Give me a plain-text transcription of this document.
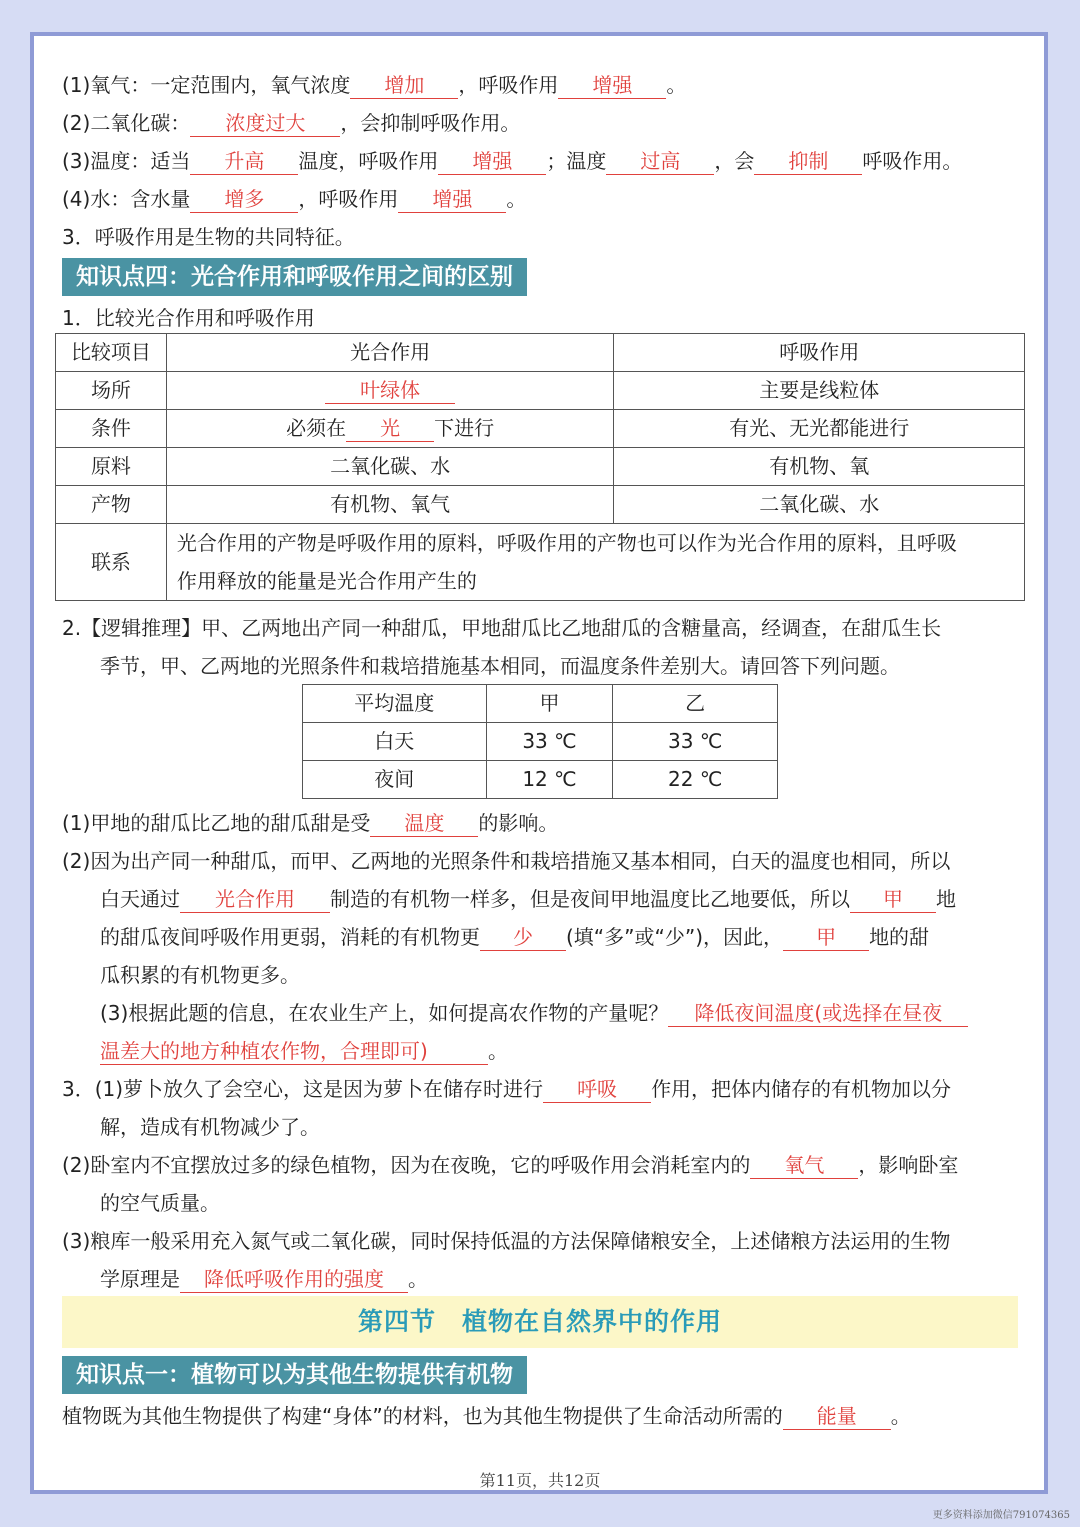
(1)氧气：一定范围内，氧气浓度 增加 ，呼吸作用 增强 。
(2)二氧化碳： 浓度过大 ，会抑制呼吸作用。
(3)温度：适当 升高 温度，呼吸作用 增强 ；温度 过高 ，会 抑制 呼吸作用。
(4)水：含水量 增多 ，呼吸作用 增强 。
3．呼吸作用是生物的共同特征。
知识点四：光合作用和呼吸作用之间的区别
1．比较光合作用和呼吸作用
比较项目	光合作用	呼吸作用
场所	叶绿体	主要是线粒体
条件	必须在 光 下进行	有光、无光都能进行
原料	二氧化碳、水	有机物、氧
产物	有机物、氧气	二氧化碳、水
联系	光合作用的产物是呼吸作用的原料，呼吸作用的产物也可以作为光合作用的原料，且呼吸
作用释放的能量是光合作用产生的	
2.【逻辑推理】甲、乙两地出产同一种甜瓜，甲地甜瓜比乙地甜瓜的含糖量高，经调查，在甜瓜生长
季节，甲、乙两地的光照条件和栽培措施基本相同，而温度条件差别大。请回答下列问题。
平均温度	甲	乙
白天	33 ℃	33 ℃
夜间	12 ℃	22 ℃
(1)甲地的甜瓜比乙地的甜瓜甜是受 温度 的影响。
(2)因为出产同一种甜瓜，而甲、乙两地的光照条件和栽培措施又基本相同，白天的温度也相同，所以
白天通过 光合作用 制造的有机物一样多，但是夜间甲地温度比乙地要低，所以 甲 地
的甜瓜夜间呼吸作用更弱，消耗的有机物更 少 (填“多”或“少”)，因此， 甲 地的甜
瓜积累的有机物更多。
(3)根据此题的信息，在农业生产上，如何提高农作物的产量呢？ 降低夜间温度(或选择在昼夜
温差大的地方种植农作物，合理即可)	。
3．(1)萝卜放久了会空心，这是因为萝卜在储存时进行 呼吸 作用，把体内储存的有机物加以分
解，造成有机物减少了。
(2)卧室内不宜摆放过多的绿色植物，因为在夜晚，它的呼吸作用会消耗室内的 氧气 ，影响卧室
的空气质量。
(3)粮库一般采用充入氮气或二氧化碳，同时保持低温的方法保障储粮安全，上述储粮方法运用的生物
学原理是 降低呼吸作用的强度 。
第四节　植物在自然界中的作用
知识点一：植物可以为其他生物提供有机物
植物既为其他生物提供了构建“身体”的材料，也为其他生物提供了生命活动所需的 能量 。
第11页，共12页
更多资料添加微信791074365
